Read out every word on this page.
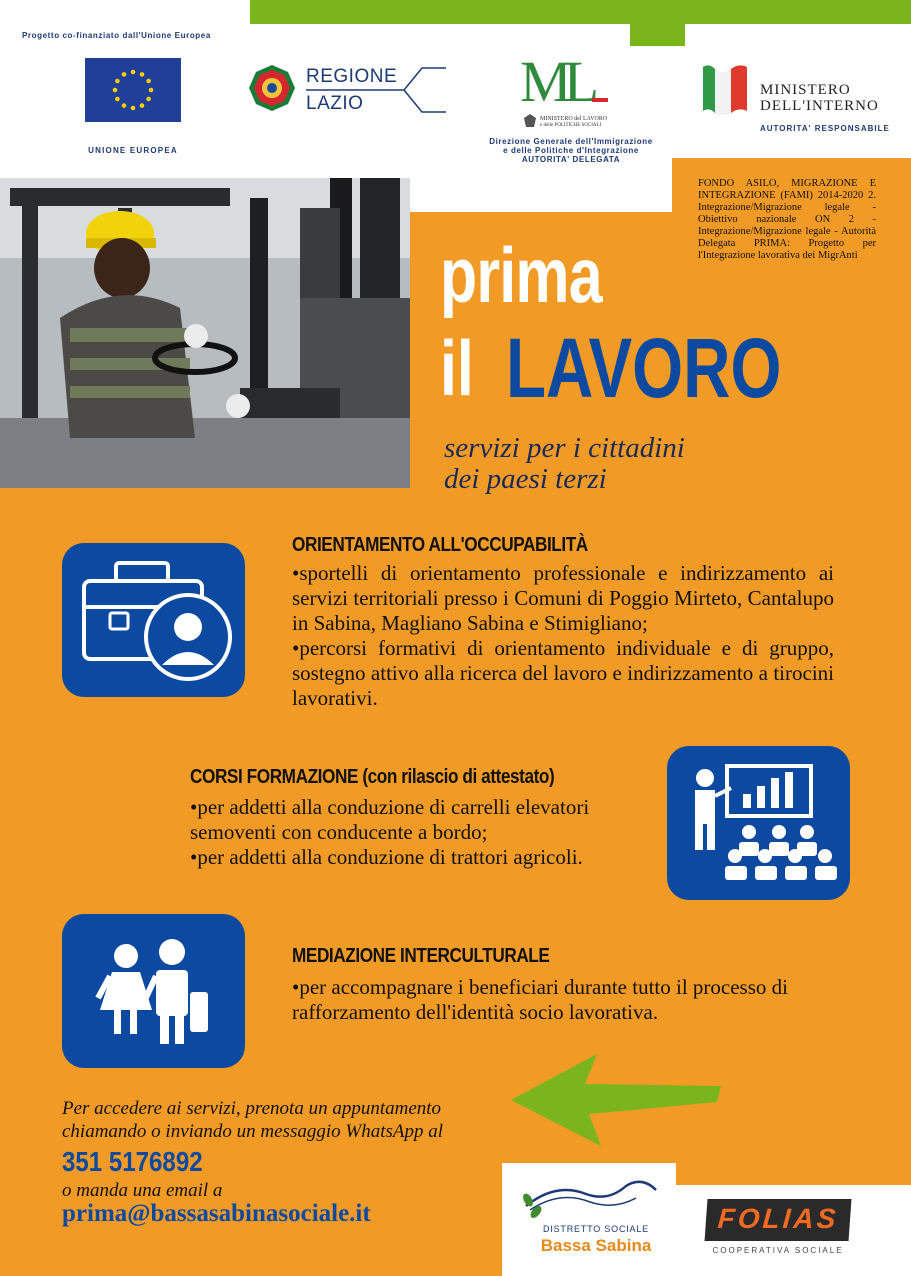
Progetto co-finanziato dall'Unione Europea
UNIONE EUROPEA
REGIONE
LAZIO	ML
MINISTERO del LAVORO
e delle POLITICHE SOCIALI
Direzione Generale dell'Immigrazione
e delle Politiche d'Integrazione
AUTORITA' DELEGATA
MINISTERO
DELL'INTERNO
AUTORITA' RESPONSABILE
FONDO ASILO, MIGRAZIONE E INTEGRAZIONE (FAMI) 2014-2020 2. Integrazione/Migrazione legale - Obiettivo nazionale ON 2 - Integrazione/Migrazione legale - Autorità Delegata PRIMA: Progetto per l'Integrazione lavorativa dei MigrAnti
prima
il LAVORO
servizi per i cittadini
dei paesi terzi
ORIENTAMENTO ALL'OCCUPABILITÀ

•sportelli di orientamento professionale e indirizzamento ai servizi territoriali presso i Comuni di Poggio Mirteto, Cantalupo in Sabina, Magliano Sabina e Stimigliano;

•percorsi formativi di orientamento individuale e di gruppo, sostegno attivo alla ricerca del lavoro e indirizzamento a tirocini lavorativi.

CORSI FORMAZIONE (con rilascio di attestato)

•per addetti alla conduzione di carrelli elevatori semoventi con conducente a bordo;

•per addetti alla conduzione di trattori agricoli.

MEDIAZIONE INTERCULTURALE

•per accompagnare i beneficiari durante tutto il processo di rafforzamento dell'identità socio lavorativa.

Per accedere ai servizi, prenota un appuntamento
chiamando o inviando un messaggio WhatsApp al
351 5176892
o manda una email a
prima@bassasabinasociale.it
DISTRETTO SOCIALE
Bassa Sabina
FOLIAS
COOPERATIVA SOCIALE
